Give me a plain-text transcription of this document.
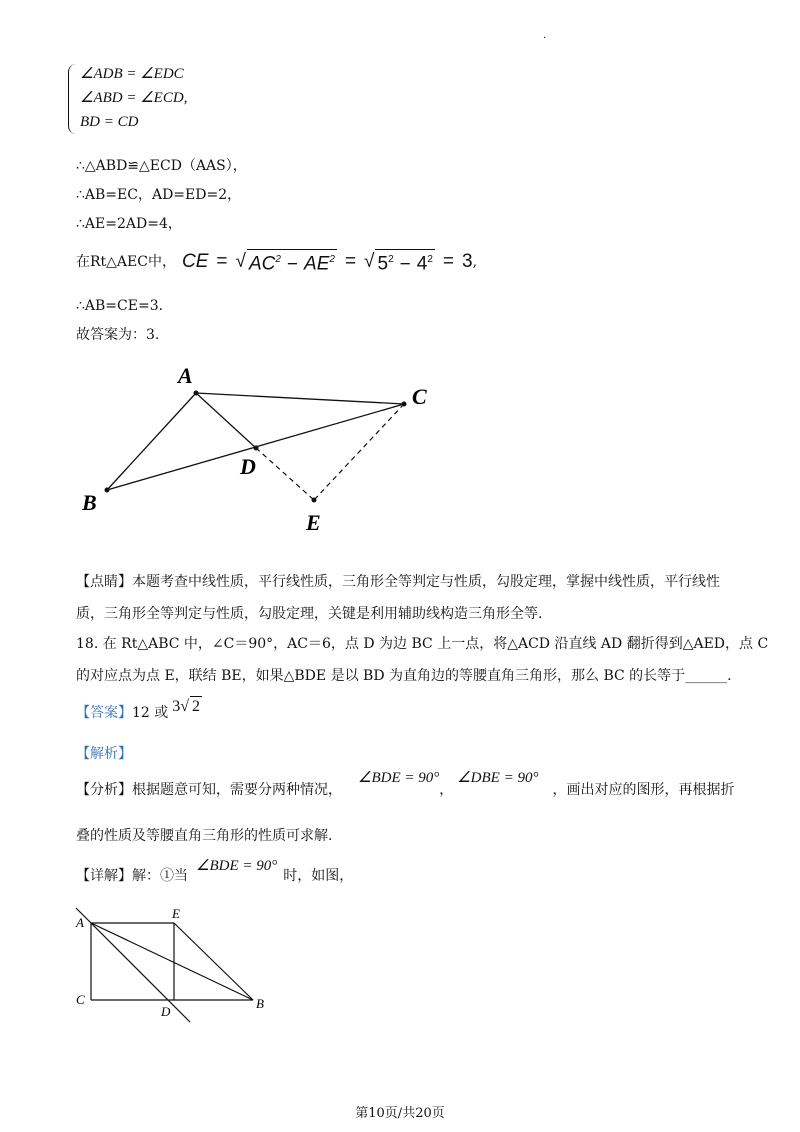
.
∠ADB = ∠EDC
∠ABD = ∠ECD,
BD = CD
∴△ABD≌△ECD（AAS），
∴AB=EC，AD=ED=2，
∴AE=2AD=4，
在Rt△AEC中， CE = √ $AC^2 - AE^2$ = √ $5^2 - 4^2 = 3$ ,
∴AB=CE=3.
故答案为：3.
A
B
C
D
E
【点睛】本题考查中线性质，平行线性质，三角形全等判定与性质，勾股定理，掌握中线性质，平行线性
质，三角形全等判定与性质，勾股定理，关键是利用辅助线构造三角形全等.
18. 在 Rt△ABC 中，∠C＝90°，AC＝6，点 D 为边 BC 上一点，将△ACD 沿直线 AD 翻折得到△AED，点 C
的对应点为点 E，联结 BE，如果△BDE 是以 BD 为直角边的等腰直角三角形，那么 BC 的长等于______.
【答案】 12 或 3 √ 2
【解析】
【分析】 根据题意可知，需要分两种情况，
∠BDE = 90°
，
∠DBE = 90°
，画出对应的图形，再根据折
叠的性质及等腰直角三角形的性质可求解.
【详解】 解：①当
∠BDE = 90°
时，如图，
A
E
C
D
B
第10页/共20页
